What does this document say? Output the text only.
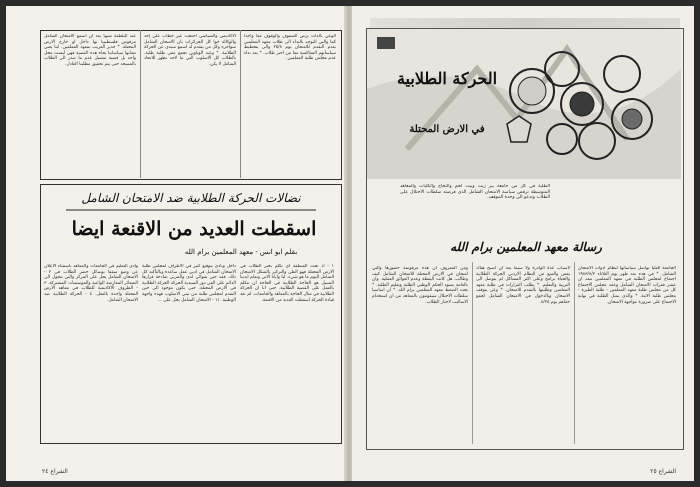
الوعي بالذات برص الصفوف والوقوف معا واحدا كما والتي النوجه بالنداء الى طلاب معهد المعلمين بعدم النقدم للامتحان يوم ٢٥/٨ والى بتخطيط سياساتهم المعاكسة معا من اجبر طلاب. * بعد نداء عدم مجلس طلبة المعلمين .
الاكاديمي والسياسي احتجت عبر خطاب علي إحد والوكالة حوا كل الجزائرات بان الامتحان الشامل سواجره وكل من يتقدم له اسمع سيدي عن الحركة الطلابية. * وعبد الوتاوين تجمع معي طلبة طلبة. بالطلاب كل الاسلوب التي ما لاحد تظهر للاتحاد الشامل لا يكن.
عند البلطفة شبها بعد ان اسمع الامتحان الشامل مرفوض فلسطينيا بها داخل او خارج الارض المحتلة. * حدير الغريب بمعهد المعلمين. اننا يعني تشابها سياساتنا يجاه هذه القضية فهي ليست محل واحد بل قضية تفضيل عدم ما صدر الى الطلاب بالمسحد حتى يتم تحقيق مطلبنا العادل.
نضالات الحركة الطلابية ضد الامتحان الشامل
اسقطت العديد من الاقنعة ايضا
بقلم ابو انس - معهد المعلمين برام الله
١ - اذ تحت المنطقة اي تكلم بخير الطلاب في الارض المحتلة فهو الظن والتركيز بالشكل الامتحان الشامل اليوم ما هو شيء. لنا واياتا الاتي وتمام ايدينا السبيل هو الحاجة الطلابية في الحاجة ان تتكلم بالعمل على القضية الطلابية. حتى انا ان الحركة الطلابية في مثال الحاجة بالمعاهد والجامعات. لم تعد قيادة الحركة اسقطت العديد من الاقنعة.
داخل ونادي بتوقيع كبير في الاطراف لمجلس طلبة الامتحان الشامل في ادبي عمل ساعدة وبالتأكيد كل ذلك. فقد حين شوائي لدى والمربي شادحة قرارها الدائم على الفن دور السيدية الحركة الحركة الطلابية في الارض المحتلة. حتى يكون موجود الى حين التقدم لمجلس طلبة من تبني الاسلوب فهذه واجهة الوطنية. ١١ - الامتحان الشامل يحل على ...
وادي التعليم في الجامعات والمعاهد باستثناء الاعلان عن وضع سقفا بوسائل حصر الطلاب في ٢ - الامتحان الشامل يحل على المركز والتي تتحول الى الشعائر المعارضة الواعية والمؤسسات المشتركة. ٣ - الظروف الاكاديمية للطلاب في معاهد الارض المحتلة واحدة بالفعل. ٤ - الحركة الطلابية ضد الامتحان الشامل.
الشراع ٢٤
الحركة الطلابية
في الارض المحتلة
الطلبة في كل من جامعة بير زيت وبيت لحم والنجاح والكليات والمعاهد المتوسطة ترفض سياسة الامتحان الشامل الذي فرضته سلطات الاحتلال على الطلاب وتدعو الى وحدة الموقف.
رسالة معهد المعلمين برام الله
الجامعة العليا تواصل سياساتها لنظام ادوات الامتحان الشامل. * في هذه بعد ظهر يوم الثلاثاء ١٩٨٣/٨/٢ اجتماع لمجلس الطلبة في معهد المعلمين تبعه ان عشر فقرات الامتحان الشامل وعقد مجلس الاجتماع كل من مجلس طلبة معهد المعلمين - طلبة الطيرة - مجلس طلبة الامة. * والذي يمثل الطلبة في نهاية الاجتماع على ضرورة مواجهة الامتحان.
لاسباب عدة الوادرة ولا سيما بعد ان اصبح هناك بعض والسع من النظام الاردني الحركة الطلابية والحياة برامج وعلى اكثر المشاكل لم يتوصل الى التربية والتعليم. * يطلب القرارات في طلبة معهد المعلمين وطلبتها بالتقدم للامتحان. * وعن يتوقف الامتحان وبالدخول في الامتحان الشامل لجمع حقاهم يوم ٨/٢٥.
ومن المعروف ان هذه مرفوضة حضورها والتي امتحان في الارض المحتلة للامتحان الشامل كيف وطالب. هل كانت اليقظة وعدم العوائق العملية. وان بالعامة بسوء الحكم الوطني الطلبة وتعليم الطلبة. * تحت الضغط معهد المعلمين برام الله. * ان اساسيا سلطات الاحتلال سيقومون بالمعاهد من ان استخدام الاساليب لاجبار الطلاب.
الشراع ٢٥
